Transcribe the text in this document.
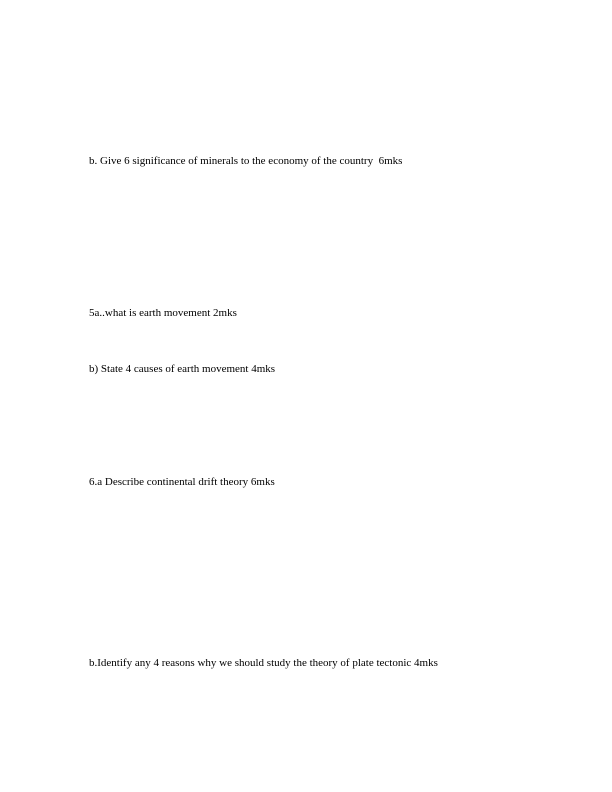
b. Give 6 significance of minerals to the economy of the country  6mks

5a..what is earth movement 2mks

b) State 4 causes of earth movement 4mks

6.a Describe continental drift theory 6mks

b.Identify any 4 reasons why we should study the theory of plate tectonic 4mks
